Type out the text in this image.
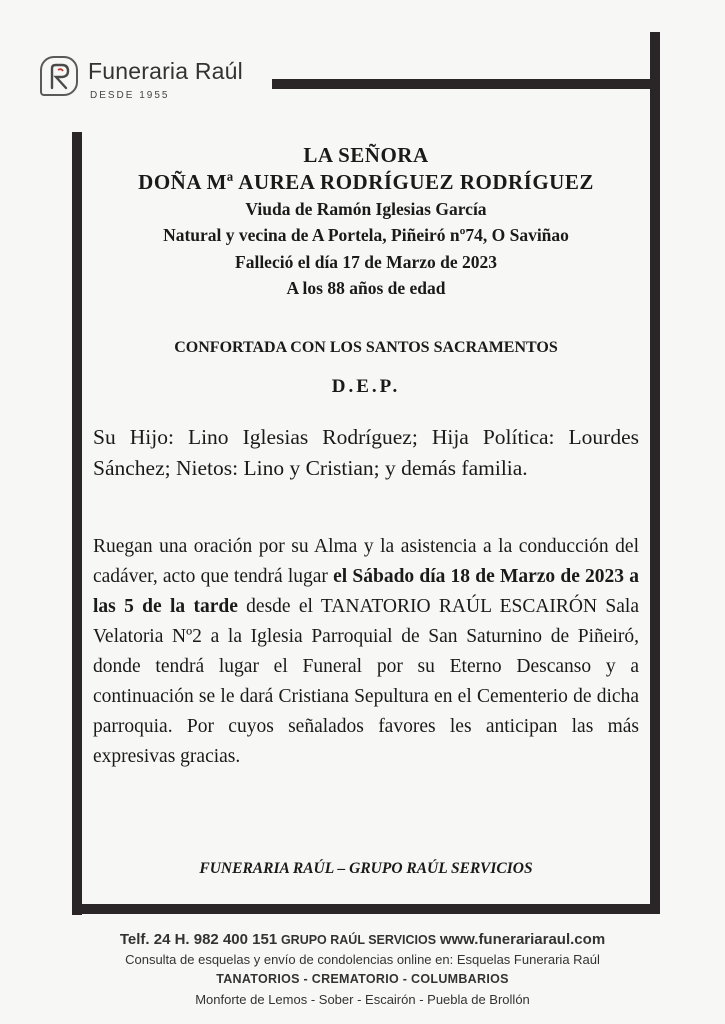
Funeraria Raúl
DESDE 1955
LA SEÑORA
DOÑA Mª AUREA RODRÍGUEZ RODRÍGUEZ
Viuda de Ramón Iglesias García
Natural y vecina de A Portela, Piñeiró nº74, O Saviñao
Falleció el día 17 de Marzo de 2023
A los 88 años de edad
CONFORTADA CON LOS SANTOS SACRAMENTOS
D.E.P.
Su Hijo: Lino Iglesias Rodríguez; Hija Política: Lourdes Sánchez; Nietos: Lino y Cristian; y demás familia.
Ruegan una oración por su Alma y la asistencia a la conducción del cadáver, acto que tendrá lugar el Sábado día 18 de Marzo de 2023 a las 5 de la tarde desde el TANATORIO RAÚL ESCAIRÓN Sala Velatoria Nº2 a la Iglesia Parroquial de San Saturnino de Piñeiró, donde tendrá lugar el Funeral por su Eterno Descanso y a continuación se le dará Cristiana Sepultura en el Cementerio de dicha parroquia. Por cuyos señalados favores les anticipan las más expresivas gracias.
FUNERARIA RAÚL – GRUPO RAÚL SERVICIOS
Telf. 24 H. 982 400 151 GRUPO RAÚL SERVICIOS www.funerariaraul.com
Consulta de esquelas y envío de condolencias online en: Esquelas Funeraria Raúl
TANATORIOS - CREMATORIO - COLUMBARIOS
Monforte de Lemos - Sober - Escairón - Puebla de Brollón
